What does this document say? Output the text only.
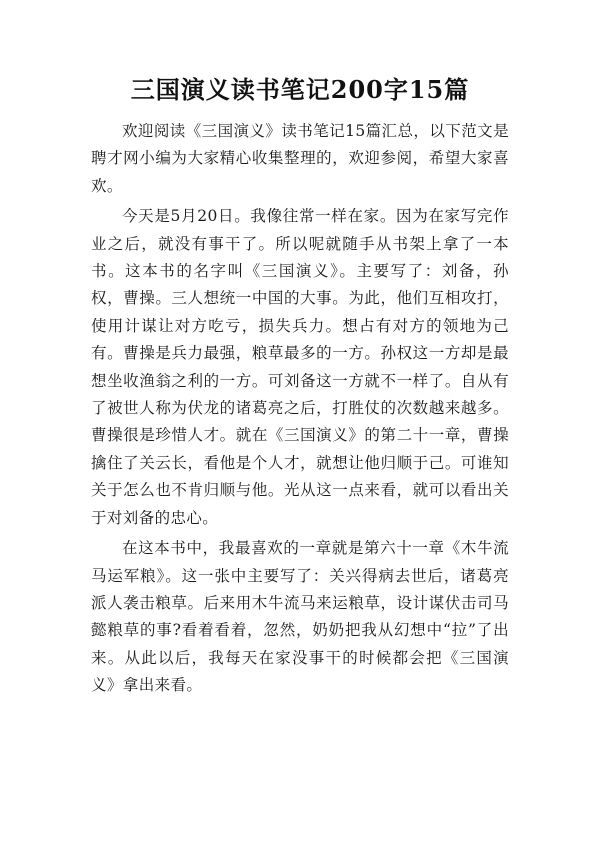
三国演义读书笔记200字15篇

欢迎阅读《三国演义》读书笔记15篇汇总，以下范文是聘才网小编为大家精心收集整理的，欢迎参阅，希望大家喜欢。

今天是5月20日。我像往常一样在家。因为在家写完作业之后，就没有事干了。所以呢就随手从书架上拿了一本书。这本书的名字叫《三国演义》。主要写了：刘备，孙权，曹操。三人想统一中国的大事。为此，他们互相攻打，使用计谋让对方吃亏，损失兵力。想占有对方的领地为己有。曹操是兵力最强，粮草最多的一方。孙权这一方却是最想坐收渔翁之利的一方。可刘备这一方就不一样了。自从有了被世人称为伏龙的诸葛亮之后，打胜仗的次数越来越多。曹操很是珍惜人才。就在《三国演义》的第二十一章，曹操擒住了关云长，看他是个人才，就想让他归顺于己。可谁知关于怎么也不肯归顺与他。光从这一点来看，就可以看出关于对刘备的忠心。

在这本书中，我最喜欢的一章就是第六十一章《木牛流马运军粮》。这一张中主要写了：关兴得病去世后，诸葛亮派人袭击粮草。后来用木牛流马来运粮草，设计谋伏击司马懿粮草的事?看着看着，忽然，奶奶把我从幻想中“拉”了出来。从此以后，我每天在家没事干的时候都会把《三国演义》拿出来看。
